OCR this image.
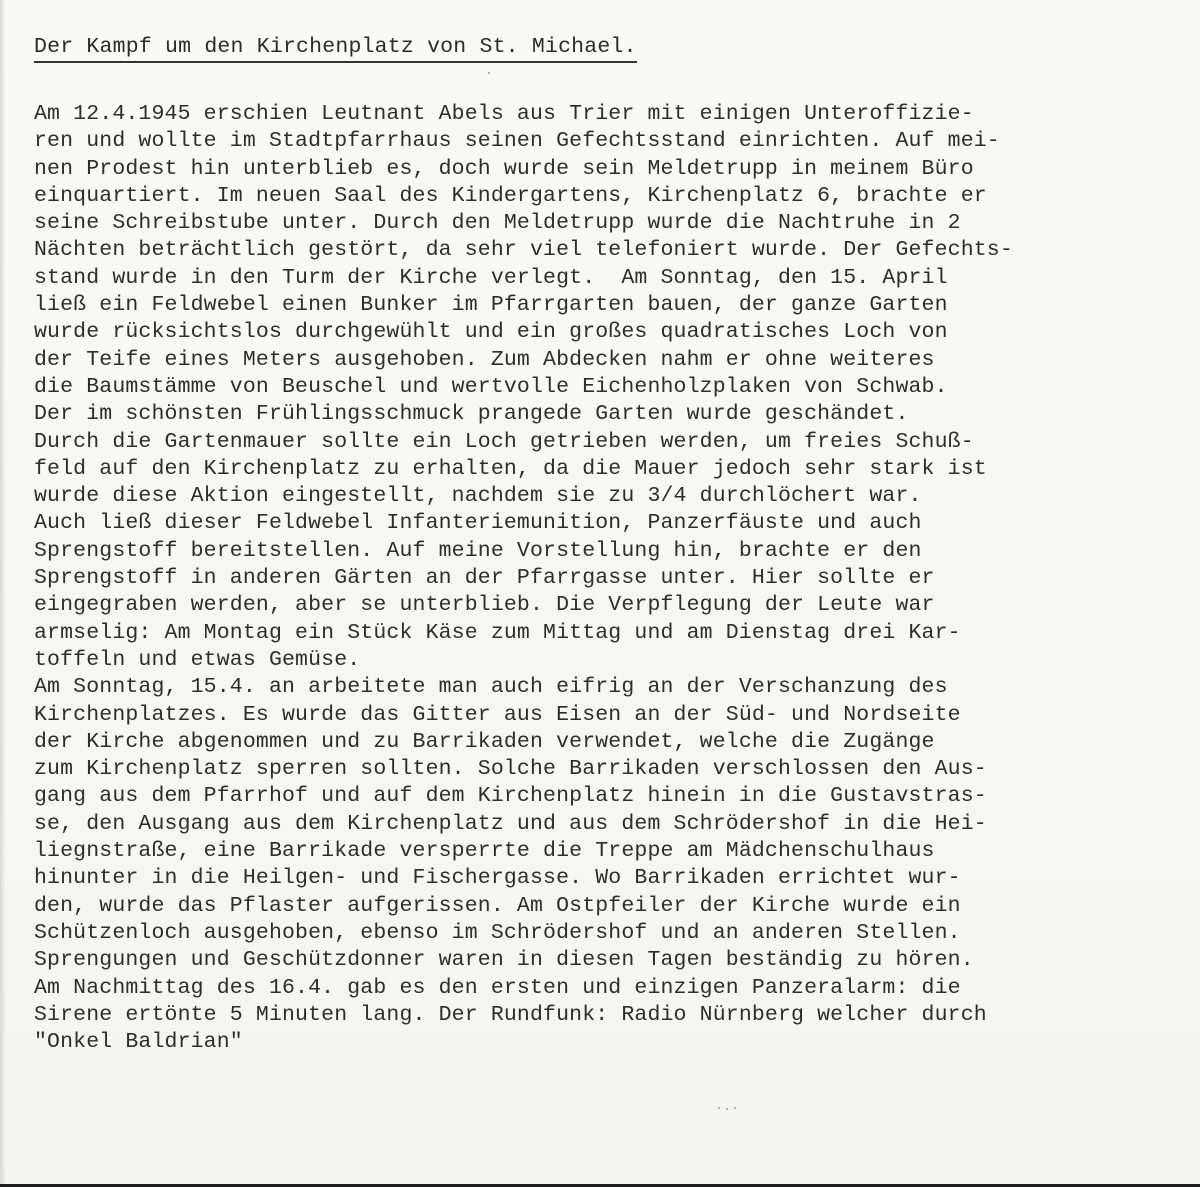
Der Kampf um den Kirchenplatz von St. Michael.
Am 12.4.1945 erschien Leutnant Abels aus Trier mit einigen Unteroffizie-
ren und wollte im Stadtpfarrhaus seinen Gefechtsstand einrichten. Auf mei-
nen Prodest hin unterblieb es, doch wurde sein Meldetrupp in meinem Büro
einquartiert. Im neuen Saal des Kindergartens, Kirchenplatz 6, brachte er
seine Schreibstube unter. Durch den Meldetrupp wurde die Nachtruhe in 2
Nächten beträchtlich gestört, da sehr viel telefoniert wurde. Der Gefechts-
stand wurde in den Turm der Kirche verlegt.  Am Sonntag, den 15. April
ließ ein Feldwebel einen Bunker im Pfarrgarten bauen, der ganze Garten
wurde rücksichtslos durchgewühlt und ein großes quadratisches Loch von
der Teife eines Meters ausgehoben. Zum Abdecken nahm er ohne weiteres
die Baumstämme von Beuschel und wertvolle Eichenholzplaken von Schwab.
Der im schönsten Frühlingsschmuck prangede Garten wurde geschändet.
Durch die Gartenmauer sollte ein Loch getrieben werden, um freies Schuß-
feld auf den Kirchenplatz zu erhalten, da die Mauer jedoch sehr stark ist
wurde diese Aktion eingestellt, nachdem sie zu 3/4 durchlöchert war.
Auch ließ dieser Feldwebel Infanteriemunition, Panzerfäuste und auch
Sprengstoff bereitstellen. Auf meine Vorstellung hin, brachte er den
Sprengstoff in anderen Gärten an der Pfarrgasse unter. Hier sollte er
eingegraben werden, aber se unterblieb. Die Verpflegung der Leute war
armselig: Am Montag ein Stück Käse zum Mittag und am Dienstag drei Kar-
toffeln und etwas Gemüse.
Am Sonntag, 15.4. an arbeitete man auch eifrig an der Verschanzung des
Kirchenplatzes. Es wurde das Gitter aus Eisen an der Süd- und Nordseite
der Kirche abgenommen und zu Barrikaden verwendet, welche die Zugänge
zum Kirchenplatz sperren sollten. Solche Barrikaden verschlossen den Aus-
gang aus dem Pfarrhof und auf dem Kirchenplatz hinein in die Gustavstras-
se, den Ausgang aus dem Kirchenplatz und aus dem Schrödershof in die Hei-
liegnstraße, eine Barrikade versperrte die Treppe am Mädchenschulhaus
hinunter in die Heilgen- und Fischergasse. Wo Barrikaden errichtet wur-
den, wurde das Pflaster aufgerissen. Am Ostpfeiler der Kirche wurde ein
Schützenloch ausgehoben, ebenso im Schrödershof und an anderen Stellen.
Sprengungen und Geschützdonner waren in diesen Tagen beständig zu hören.
Am Nachmittag des 16.4. gab es den ersten und einzigen Panzeralarm: die
Sirene ertönte 5 Minuten lang. Der Rundfunk: Radio Nürnberg welcher durch
"Onkel Baldrian"
